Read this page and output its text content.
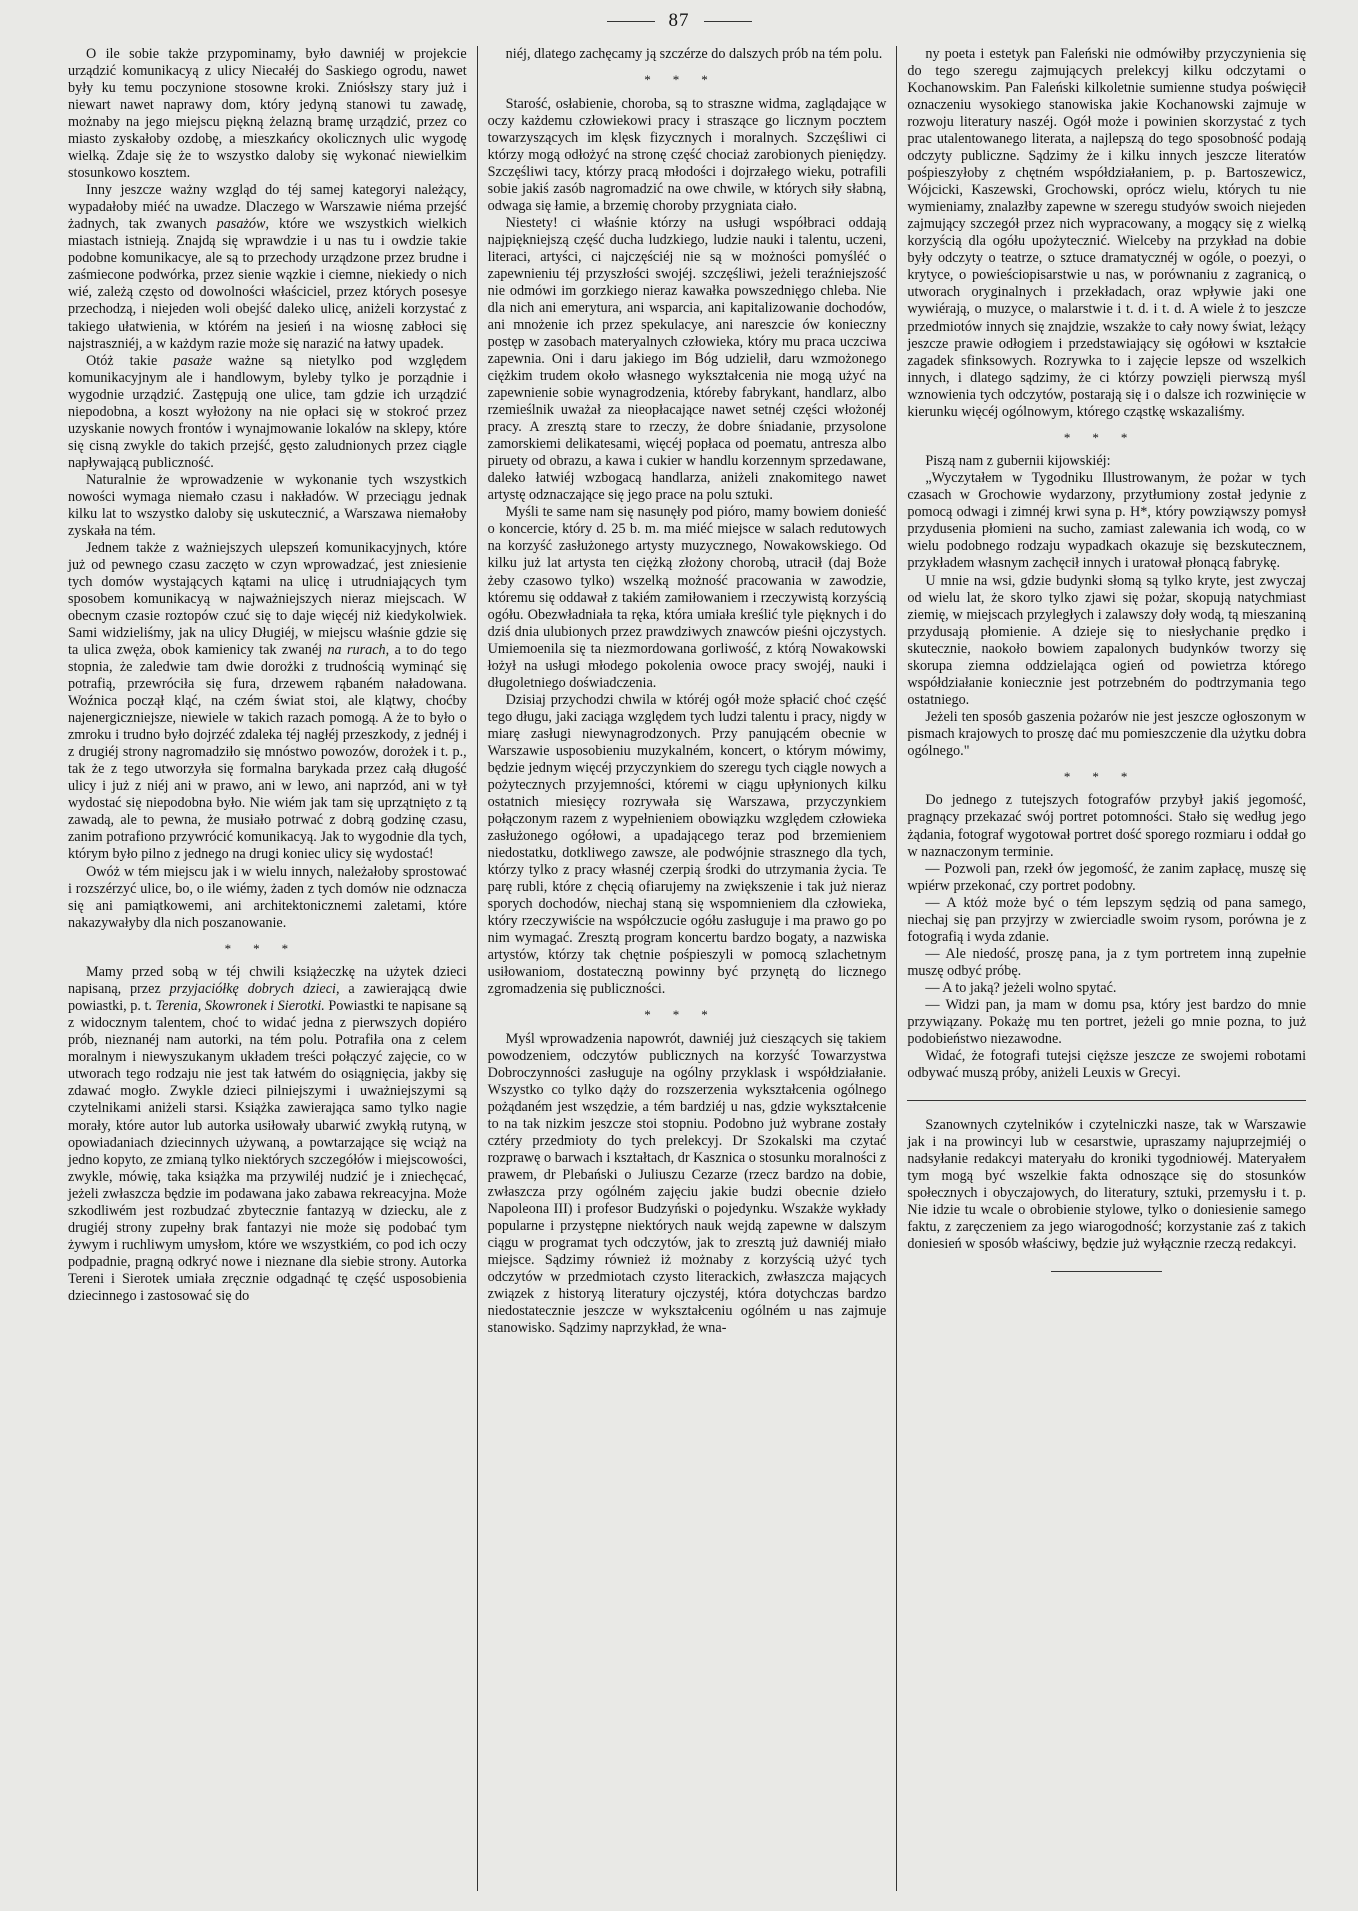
87

O ile sobie także przypominamy, było dawniéj w projekcie urządzić komunikacyą z ulicy Niecałéj do Saskiego ogrodu, nawet były ku temu poczynione stosowne kroki. Zniósłszy stary już i niewart nawet naprawy dom, który jedyną stanowi tu zawadę, możnaby na jego miejscu piękną żelazną bramę urządzić, przez co miasto zyskałoby ozdobę, a mieszkańcy okolicznych ulic wygodę wielką. Zdaje się że to wszystko daloby się wykonać niewielkim stosunkowo kosztem.

Inny jeszcze ważny wzgląd do téj samej kategoryi należący, wypadałoby miéć na uwadze. Dlaczego w Warszawie niéma przejść żadnych, tak zwanych pasażów, które we wszystkich wielkich miastach istnieją. Znajdą się wprawdzie i u nas tu i owdzie takie podobne komunikacye, ale są to przechody urządzone przez brudne i zaśmiecone podwórka, przez sienie wązkie i ciemne, niekiedy o nich wié, zależą często od dowolności właściciel, przez których posesye przechodzą, i niejeden woli obejść daleko ulicę, aniżeli korzystać z takiego ułatwienia, w którém na jesień i na wiosnę zabłoci się najstraszniéj, a w każdym razie może się narazić na łatwy upadek.

Otóż takie pasaże ważne są nietylko pod względem komunikacyjnym ale i handlowym, byleby tylko je porządnie i wygodnie urządzić. Zastępują one ulice, tam gdzie ich urządzić niepodobna, a koszt wyłożony na nie opłaci się w stokroć przez uzyskanie nowych frontów i wynajmowanie lokalów na sklepy, które się cisną zwykle do takich przejść, gęsto zaludnionych przez ciągle napływającą publiczność.

Naturalnie że wprowadzenie w wykonanie tych wszystkich nowości wymaga niemało czasu i nakładów. W przeciągu jednak kilku lat to wszystko daloby się uskutecznić, a Warszawa niemałoby zyskała na tém.

Jednem także z ważniejszych ulepszeń komunikacyjnych, które już od pewnego czasu zaczęto w czyn wprowadzać, jest zniesienie tych domów wystających kątami na ulicę i utrudniających tym sposobem komunikacyą w najważniejszych nieraz miejscach. W obecnym czasie roztopów czuć się to daje więcéj niż kiedykolwiek. Sami widzieliśmy, jak na ulicy Długiéj, w miejscu właśnie gdzie się ta ulica zwęża, obok kamienicy tak zwanéj na rurach, a to do tego stopnia, że zaledwie tam dwie dorożki z trudnością wyminąć się potrafią, przewróciła się fura, drzewem rąbaném naładowana. Woźnica począł kląć, na czém świat stoi, ale klątwy, choćby najenergiczniejsze, niewiele w takich razach pomogą. A że to było o zmroku i trudno było dojrzéć zdaleka téj nagłéj przeszkody, z jednéj i z drugiéj strony nagromadziło się mnóstwo powozów, dorożek i t. p., tak że z tego utworzyła się formalna barykada przez całą długość ulicy i już z niéj ani w prawo, ani w lewo, ani naprzód, ani w tył wydostać się niepodobna było. Nie wiém jak tam się uprzątnięto z tą zawadą, ale to pewna, że musiało potrwać z dobrą godzinę czasu, zanim potrafiono przywrócić komunikacyą. Jak to wygodnie dla tych, którym było pilno z jednego na drugi koniec ulicy się wydostać!

Owóż w tém miejscu jak i w wielu innych, należałoby sprostować i rozszérzyć ulice, bo, o ile wiémy, żaden z tych domów nie odznacza się ani pamiątkowemi, ani architektonicznemi zaletami, które nakazywałyby dla nich poszanowanie.

***

Mamy przed sobą w téj chwili książeczkę na użytek dzieci napisaną, przez przyjaciółkę dobrych dzieci, a zawierającą dwie powiastki, p. t. Terenia, Skowronek i Sierotki. Powiastki te napisane są z widocznym talentem, choć to widać jedna z pierwszych dopiéro prób, nieznanéj nam autorki, na tém polu. Potrafiła ona z celem moralnym i niewyszukanym układem treści połączyć zajęcie, co w utworach tego rodzaju nie jest tak łatwém do osiągnięcia, jakby się zdawać mogło. Zwykle dzieci pilniejszymi i uważniejszymi są czytelnikami aniżeli starsi. Książka zawierająca samo tylko nagie morały, które autor lub autorka usiłowały ubarwić zwykłą rutyną, w opowiadaniach dziecinnych używaną, a powtarzające się wciąż na jedno kopyto, ze zmianą tylko niektórych szczegółów i miejscowości, zwykle, mówię, taka książka ma przywiléj nudzić je i zniechęcać, jeżeli zwłaszcza będzie im podawana jako zabawa rekreacyjna. Może szkodliwém jest rozbudzać zbytecznie fantazyą w dziecku, ale z drugiéj strony zupełny brak fantazyi nie może się podobać tym żywym i ruchliwym umysłom, które we wszystkiém, co pod ich oczy podpadnie, pragną odkryć nowe i nieznane dla siebie strony. Autorka Tereni i Sierotek umiała zręcznie odgadnąć tę część usposobienia dziecinnego i zastosować się do

niéj, dlatego zachęcamy ją szczérze do dalszych prób na tém polu.

***

Starość, osłabienie, choroba, są to straszne widma, zaglądające w oczy każdemu człowiekowi pracy i straszące go licznym pocztem towarzyszących im klęsk fizycznych i moralnych. Szczęśliwi ci którzy mogą odłożyć na stronę część chociaż zarobionych pieniędzy. Szczęśliwi tacy, którzy pracą młodości i dojrzałego wieku, potrafili sobie jakiś zasób nagromadzić na owe chwile, w których siły słabną, odwaga się łamie, a brzemię choroby przygniata ciało.

Niestety! ci właśnie którzy na usługi współbraci oddają najpiękniejszą część ducha ludzkiego, ludzie nauki i talentu, uczeni, literaci, artyści, ci najczęściéj nie są w możności pomyśléć o zapewnieniu téj przyszłości swojéj. szczęśliwi, jeżeli teraźniejszość nie odmówi im gorzkiego nieraz kawałka powszednięgo chleba. Nie dla nich ani emerytura, ani wsparcia, ani kapitalizowanie dochodów, ani mnożenie ich przez spekulacye, ani nareszcie ów konieczny postęp w zasobach materyalnych człowieka, który mu praca uczciwa zapewnia. Oni i daru jakiego im Bóg udzielił, daru wzmożonego ciężkim trudem około własnego wykształcenia nie mogą użyć na zapewnienie sobie wynagrodzenia, któreby fabrykant, handlarz, albo rzemieślnik uważał za nieopłacające nawet setnéj części włożonéj pracy. A zresztą stare to rzeczy, że dobre śniadanie, przysolone zamorskiemi delikatesami, więcéj popłaca od poematu, antresza albo piruety od obrazu, a kawa i cukier w handlu korzennym sprzedawane, daleko łatwiéj wzbogacą handlarza, aniżeli znakomitego nawet artystę odznaczające się jego prace na polu sztuki.

Myśli te same nam się nasunęły pod pióro, mamy bowiem donieść o koncercie, który d. 25 b. m. ma miéć miejsce w salach redutowych na korzyść zasłużonego artysty muzycznego, Nowakowskiego. Od kilku już lat artysta ten ciężką złożony chorobą, utracił (daj Boże żeby czasowo tylko) wszelką możność pracowania w zawodzie, któremu się oddawał z takiém zamiłowaniem i rzeczywistą korzyścią ogółu. Obezwładniała ta ręka, która umiała kreślić tyle pięknych i do dziś dnia ulubionych przez prawdziwych znawców pieśni ojczystych. Umiemoenila się ta niezmordowana gorliwość, z którą Nowakowski łożył na usługi młodego pokolenia owoce pracy swojéj, nauki i długoletniego doświadczenia.

Dzisiaj przychodzi chwila w któréj ogół może spłacić choć część tego długu, jaki zaciąga względem tych ludzi talentu i pracy, nigdy w miarę zasługi niewynagrodzonych. Przy panującém obecnie w Warszawie usposobieniu muzykalném, koncert, o którym mówimy, będzie jednym więcéj przyczynkiem do szeregu tych ciągle nowych a pożytecznych przyjemności, któremi w ciągu upłynionych kilku ostatnich miesięcy rozrywała się Warszawa, przyczynkiem połączonym razem z wypełnieniem obowiązku względem człowieka zasłużonego ogółowi, a upadającego teraz pod brzemieniem niedostatku, dotkliwego zawsze, ale podwójnie strasznego dla tych, którzy tylko z pracy własnéj czerpią środki do utrzymania życia. Te parę rubli, które z chęcią ofiarujemy na zwiększenie i tak już nieraz sporych dochodów, niechaj staną się wspomnieniem dla człowieka, który rzeczywiście na współczucie ogółu zasługuje i ma prawo go po nim wymagać. Zresztą program koncertu bardzo bogaty, a nazwiska artystów, którzy tak chętnie pośpieszyli w pomocą szlachetnym usiłowaniom, dostateczną powinny być przynętą do licznego zgromadzenia się publiczności.

***

Myśl wprowadzenia napowrót, dawniéj już cieszących się takiem powodzeniem, odczytów publicznych na korzyść Towarzystwa Dobroczynności zasługuje na ogólny przyklask i współdziałanie. Wszystko co tylko dąży do rozszerzenia wykształcenia ogólnego pożądaném jest wszędzie, a tém bardziéj u nas, gdzie wykształcenie to na tak nizkim jeszcze stoi stopniu. Podobno już wybrane zostały cztéry przedmioty do tych prelekcyj. Dr Szokalski ma czytać rozprawę o barwach i kształtach, dr Kasznica o stosunku moralności z prawem, dr Plebański o Juliuszu Cezarze (rzecz bardzo na dobie, zwłaszcza przy ogólném zajęciu jakie budzi obecnie dzieło Napoleona III) i profesor Budzyński o pojedynku. Wszakże wykłady popularne i przystępne niektórych nauk wejdą zapewne w dalszym ciągu w programat tych odczytów, jak to zresztą już dawniéj miało miejsce. Sądzimy również iż możnaby z korzyścią użyć tych odczytów w przedmiotach czysto literackich, zwłaszcza mających związek z historyą literatury ojczystéj, która dotychczas bardzo niedostatecznie jeszcze w wykształceniu ogólném u nas zajmuje stanowisko. Sądzimy naprzykład, że wna-

ny poeta i estetyk pan Faleński nie odmówiłby przyczynienia się do tego szeregu zajmujących prelekcyj kilku odczytami o Kochanowskim. Pan Faleński kilkoletnie sumienne studya poświęcił oznaczeniu wysokiego stanowiska jakie Kochanowski zajmuje w rozwoju literatury naszéj. Ogół może i powinien skorzystać z tych prac utalentowanego literata, a najlepszą do tego sposobność podają odczyty publiczne. Sądzimy że i kilku innych jeszcze literatów pośpieszyłoby z chętném współdziałaniem, p. p. Bartoszewicz, Wójcicki, Kaszewski, Grochowski, oprócz wielu, których tu nie wymieniamy, znalazłby zapewne w szeregu studyów swoich niejeden zajmujący szczegół przez nich wypracowany, a mogący się z wielką korzyścią dla ogółu upożytecznić. Wielceby na przykład na dobie były odczyty o teatrze, o sztuce dramatycznéj w ogóle, o poezyi, o krytyce, o powieściopisarstwie u nas, w porównaniu z zagranicą, o utworach oryginalnych i przekładach, oraz wpływie jaki one wywiérają, o muzyce, o malarstwie i t. d. i t. d. A wiele ż to jeszcze przedmiotów innych się znajdzie, wszakże to cały nowy świat, leżący jeszcze prawie odłogiem i przedstawiający się ogółowi w kształcie zagadek sfinksowych. Rozrywka to i zajęcie lepsze od wszelkich innych, i dlatego sądzimy, że ci którzy powzięli pierwszą myśl wznowienia tych odczytów, postarają się i o dalsze ich rozwinięcie w kierunku więcéj ogólnowym, którego cząstkę wskazaliśmy.

***

Piszą nam z gubernii kijowskiéj:

„Wyczytałem w Tygodniku Illustrowanym, że pożar w tych czasach w Grochowie wydarzony, przytłumiony został jedynie z pomocą odwagi i zimnéj krwi syna p. H*, który powziąwszy pomysł przydusenia płomieni na sucho, zamiast zalewania ich wodą, co w wielu podobnego rodzaju wypadkach okazuje się bezskutecznem, przykładem własnym zachęcił innych i uratował płonącą fabrykę.

U mnie na wsi, gdzie budynki słomą są tylko kryte, jest zwyczaj od wielu lat, że skoro tylko zjawi się pożar, skopują natychmiast ziemię, w miejscach przyległych i zalawszy doły wodą, tą mieszaniną przydusają płomienie. A dzieje się to niesłychanie prędko i skutecznie, naokoło bowiem zapalonych budynków tworzy się skorupa ziemna oddzielająca ogień od powietrza którego współdziałanie koniecznie jest potrzebném do podtrzymania tego ostatniego.

Jeżeli ten sposób gaszenia pożarów nie jest jeszcze ogłoszonym w pismach krajowych to proszę dać mu pomieszczenie dla użytku dobra ogólnego."

***

Do jednego z tutejszych fotografów przybył jakiś jegomość, pragnący przekazać swój portret potomności. Stało się według jego żądania, fotograf wygotował portret dość sporego rozmiaru i oddał go w naznaczonym terminie.

— Pozwoli pan, rzekł ów jegomość, że zanim zapłacę, muszę się wpiérw przekonać, czy portret podobny.

— A któż może być o tém lepszym sędzią od pana samego, niechaj się pan przyjrzy w zwierciadle swoim rysom, porówna je z fotografią i wyda zdanie.

— Ale niedość, proszę pana, ja z tym portretem inną zupełnie muszę odbyć próbę.

— A to jaką? jeżeli wolno spytać.

— Widzi pan, ja mam w domu psa, który jest bardzo do mnie przywiązany. Pokażę mu ten portret, jeżeli go mnie pozna, to już podobieństwo niezawodne.

Widać, że fotografi tutejsi cięższe jeszcze ze swojemi robotami odbywać muszą próby, aniżeli Leuxis w Grecyi.

Szanownych czytelników i czytelniczki nasze, tak w Warszawie jak i na prowincyi lub w cesarstwie, upraszamy najuprzejmiéj o nadsyłanie redakcyi materyału do kroniki tygodniowéj. Materyałem tym mogą być wszelkie fakta odnoszące się do stosunków społecznych i obyczajowych, do literatury, sztuki, przemysłu i t. p. Nie idzie tu wcale o obrobienie stylowe, tylko o doniesienie samego faktu, z zaręczeniem za jego wiarogodność; korzystanie zaś z takich doniesień w sposób właściwy, będzie już wyłącznie rzeczą redakcyi.
